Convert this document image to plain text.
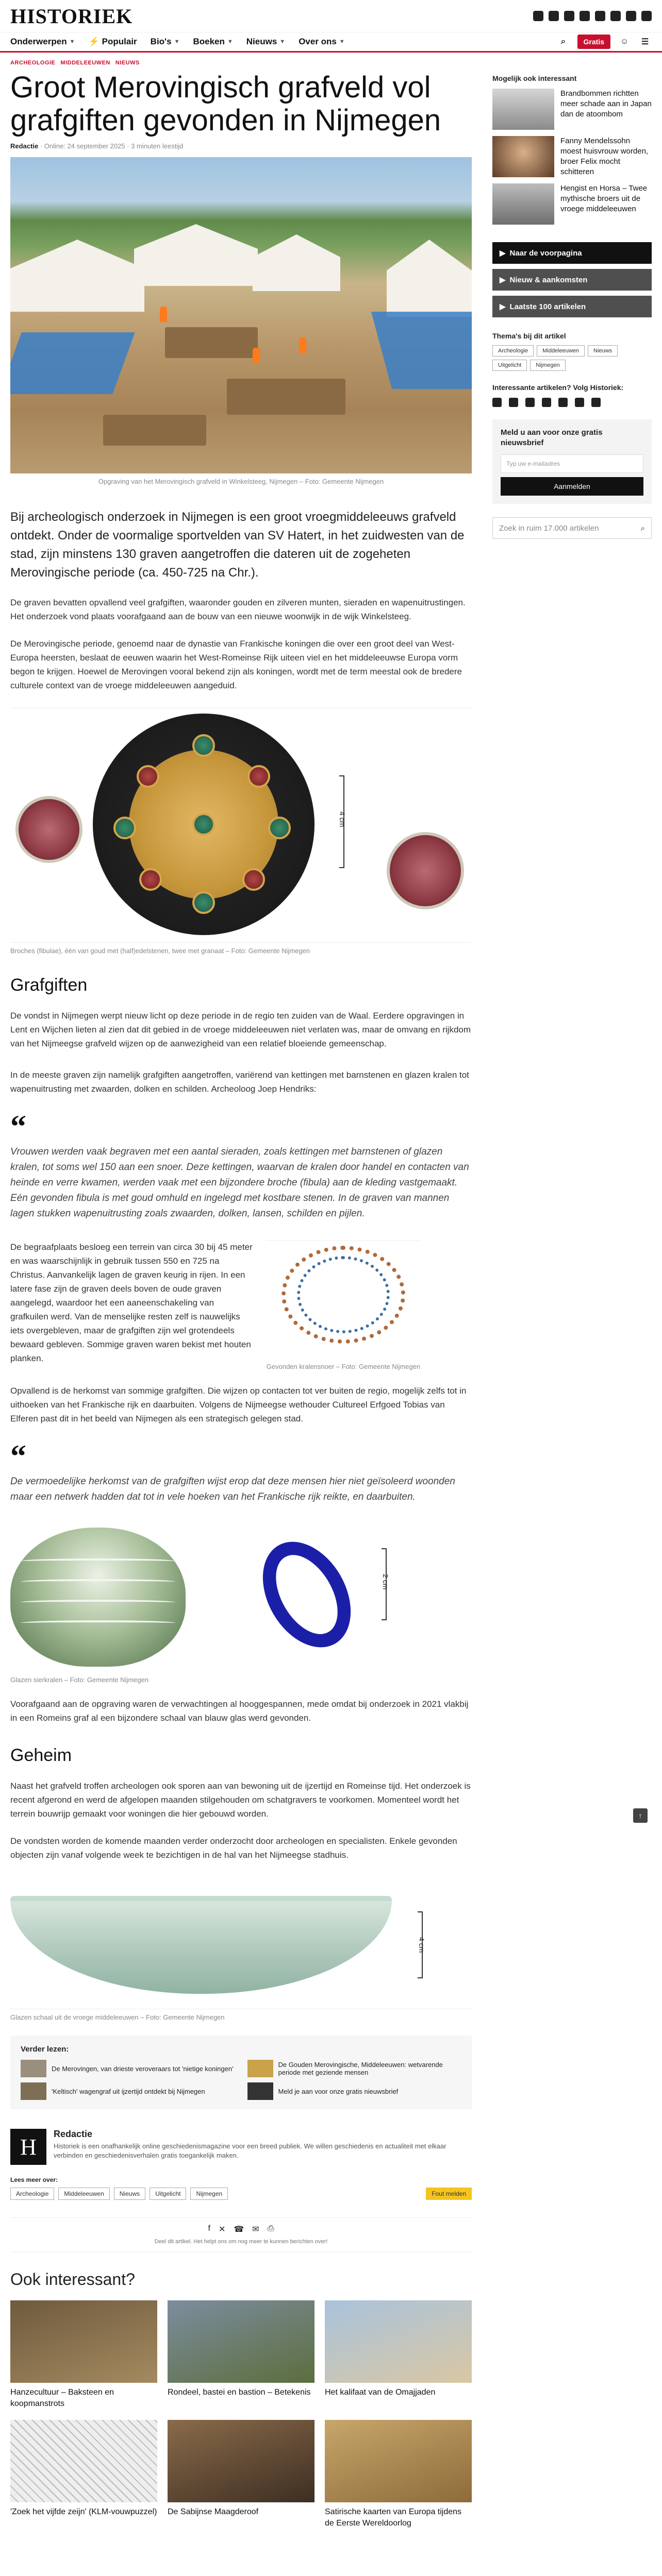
HISTORIEK
Onderwerpen ▼ ⚡ Populair Bio's ▼ Boeken ▼ Nieuws ▼ Over ons ▼	⌕	Gratis	☺	☰
ARCHEOLOGIE MIDDELEEUWEN NIEUWS
Groot Merovingisch grafveld vol grafgiften gevonden in Nijmegen
Redactie · Online: 24 september 2025 · 3 minuten leestijd
Opgraving van het Merovingisch grafveld in Winkelsteeg, Nijmegen – Foto: Gemeente Nijmegen

Bij archeologisch onderzoek in Nijmegen is een groot vroegmiddeleeuws grafveld ontdekt. Onder de voormalige sportvelden van SV Hatert, in het zuidwesten van de stad, zijn minstens 130 graven aangetroffen die dateren uit de zogeheten Merovingische periode (ca. 450-725 na Chr.).

De graven bevatten opvallend veel grafgiften, waaronder gouden en zilveren munten, sieraden en wapenuitrustingen. Het onderzoek vond plaats voorafgaand aan de bouw van een nieuwe woonwijk in de wijk Winkelsteeg.

De Merovingische periode, genoemd naar de dynastie van Frankische koningen die over een groot deel van West-Europa heersten, beslaat de eeuwen waarin het West-Romeinse Rijk uiteen viel en het middeleeuwse Europa vorm begon te krijgen. Hoewel de Merovingen vooral bekend zijn als koningen, wordt met de term meestal ook de bredere culturele context van de vroege middeleeuwen aangeduid.

4 cm
Broches (fibulae), één van goud met (half)edelstenen, twee met granaat – Foto: Gemeente Nijmegen
Grafgiften

De vondst in Nijmegen werpt nieuw licht op deze periode in de regio ten zuiden van de Waal. Eerdere opgravingen in Lent en Wijchen lieten al zien dat dit gebied in de vroege middeleeuwen niet verlaten was, maar de omvang en rijkdom van het Nijmeegse grafveld wijzen op de aanwezigheid van een relatief bloeiende gemeenschap.

In de meeste graven zijn namelijk grafgiften aangetroffen, variërend van kettingen met barnstenen en glazen kralen tot wapenuitrusting met zwaarden, dolken en schilden. Archeoloog Joep Hendriks:

“

Vrouwen werden vaak begraven met een aantal sieraden, zoals kettingen met barnstenen of glazen kralen, tot soms wel 150 aan een snoer. Deze kettingen, waarvan de kralen door handel en contacten van heinde en verre kwamen, werden vaak met een bijzondere broche (fibula) aan de kleding vastgemaakt. Eén gevonden fibula is met goud omhuld en ingelegd met kostbare stenen. In de graven van mannen lagen stukken wapenuitrusting zoals zwaarden, dolken, lansen, schilden en pijlen.

De begraafplaats besloeg een terrein van circa 30 bij 45 meter en was waarschijnlijk in gebruik tussen 550 en 725 na Christus. Aanvankelijk lagen de graven keurig in rijen. In een latere fase zijn de graven deels boven de oude graven aangelegd, waardoor het een aaneenschakeling van grafkuilen werd. Van de menselijke resten zelf is nauwelijks iets overgebleven, maar de grafgiften zijn wel grotendeels bewaard gebleven. Sommige graven waren bekist met houten planken.

Gevonden kralensnoer – Foto: Gemeente Nijmegen

Opvallend is de herkomst van sommige grafgiften. Die wijzen op contacten tot ver buiten de regio, mogelijk zelfs tot in uithoeken van het Frankische rijk en daarbuiten. Volgens de Nijmeegse wethouder Cultureel Erfgoed Tobias van Elferen past dit in het beeld van Nijmegen als een strategisch gelegen stad.

“

De vermoedelijke herkomst van de grafgiften wijst erop dat deze mensen hier niet geïsoleerd woonden maar een netwerk hadden dat tot in vele hoeken van het Frankische rijk reikte, en daarbuiten.

2 cm
Glazen sierkralen – Foto: Gemeente Nijmegen

Voorafgaand aan de opgraving waren de verwachtingen al hooggespannen, mede omdat bij onderzoek in 2021 vlakbij in een Romeins graf al een bijzondere schaal van blauw glas werd gevonden.

Geheim

Naast het grafveld troffen archeologen ook sporen aan van bewoning uit de ijzertijd en Romeinse tijd. Het onderzoek is recent afgerond en werd de afgelopen maanden stilgehouden om schatgravers te voorkomen. Momenteel wordt het terrein bouwrijp gemaakt voor woningen die hier gebouwd worden.

De vondsten worden de komende maanden verder onderzocht door archeologen en specialisten. Enkele gevonden objecten zijn vanaf volgende week te bezichtigen in de hal van het Nijmeegse stadhuis.

4 cm
Glazen schaal uit de vroege middeleeuwen – Foto: Gemeente Nijmegen
Verder lezen:
De Merovingen, van drieste veroveraars tot 'nietige koningen'	De Gouden Merovingische, Middeleeuwen: wetvarende periode met geziende mensen
'Keltisch' wagengraf uit ijzertijd ontdekt bij Nijmegen	Meld je aan voor onze gratis nieuwsbrief
H
Redactie
Historiek is een onafhankelijk online geschiedenismagazine voor een breed publiek. We willen geschiedenis en actualiteit met elkaar verbinden en geschiedenisverhalen gratis toegankelijk maken.
Lees meer over:
Archeologie	Middeleeuwen	Nieuws	Uitgelicht	Nijmegen	Fout melden
f ✕ ☎ ✉ ⎙
Deel dit artikel. Het helpt ons om nog meer te kunnen berichten over!
Ook interessant?
Hanzecultuur – Baksteen en koopmanstrots
Rondeel, bastei en bastion – Betekenis	Het kalifaat van de Omajjaden
'Zoek het vijfde zeijn' (KLM-vouwpuzzel) De Sabijnse Maagderoof	Satirische kaarten van Europa tijdens de Eerste Wereldoorlog
Mogelijk ook interessant
Brandbommen richtten meer schade aan in Japan dan de atoombom
Fanny Mendelssohn moest huisvrouw worden, broer Felix mocht schitteren
Hengist en Horsa – Twee mythische broers uit de vroege middeleeuwen
▶ Naar de voorpagina
▶ Nieuw & aankomsten
▶ Laatste 100 artikelen
Thema's bij dit artikel
Archeologie	Middeleeuwen	Nieuws
Uitgelicht	Nijmegen
Interessante artikelen? Volg Historiek:
Meld u aan voor onze gratis nieuwsbrief
Typ uw e-mailadres
Aanmelden
Zoek in ruim 17.000 artikelen	⌕
↑
